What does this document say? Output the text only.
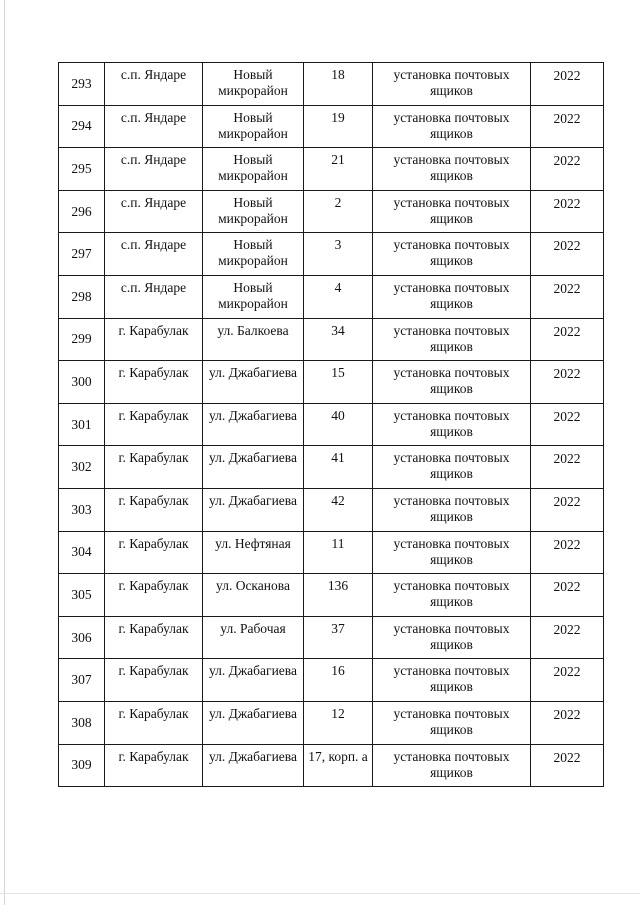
293	с.п. Яндаре	Новый микрорайон	18	установка почтовых ящиков	2022
294	с.п. Яндаре	Новый микрорайон	19	установка почтовых ящиков	2022
295	с.п. Яндаре	Новый микрорайон	21	установка почтовых ящиков	2022
296	с.п. Яндаре	Новый микрорайон	2	установка почтовых ящиков	2022
297	с.п. Яндаре	Новый микрорайон	3	установка почтовых ящиков	2022
298	с.п. Яндаре	Новый микрорайон	4	установка почтовых ящиков	2022
299	г. Карабулак	ул. Балкоева	34	установка почтовых ящиков	2022
300	г. Карабулак	ул. Джабагиева	15	установка почтовых ящиков	2022
301	г. Карабулак	ул. Джабагиева	40	установка почтовых ящиков	2022
302	г. Карабулак	ул. Джабагиева	41	установка почтовых ящиков	2022
303	г. Карабулак	ул. Джабагиева	42	установка почтовых ящиков	2022
304	г. Карабулак	ул. Нефтяная	11	установка почтовых ящиков	2022
305	г. Карабулак	ул. Осканова	136	установка почтовых ящиков	2022
306	г. Карабулак	ул. Рабочая	37	установка почтовых ящиков	2022
307	г. Карабулак	ул. Джабагиева	16	установка почтовых ящиков	2022
308	г. Карабулак	ул. Джабагиева	12	установка почтовых ящиков	2022
309	г. Карабулак	ул. Джабагиева	17, корп. а	установка почтовых ящиков	2022
